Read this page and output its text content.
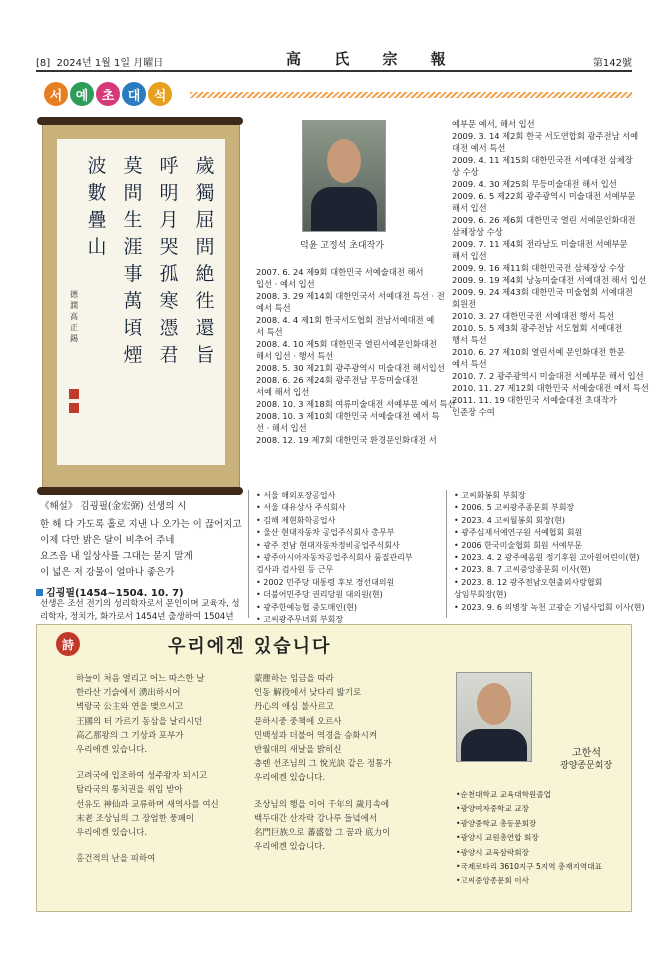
[8] 2024년 1월 1일 月曜日	高 氏 宗 報	第142號
서	예	초	대	석
歲獨屈問絶徃還旨
呼明月哭孤寒憑君
莫問生涯事萬頃煙
波數疊山
德潤 高正錫
《해설》 김굉필(金宏弼) 선생의 시
한 해 다 가도록 홀로 지낸 나 오가는 이 끊어지고
이제 다만 밝은 달이 비추어 주네
요즈음 내 일상사를 그대는 묻지 말게
이 넓은 저 강물이 얼마나 좋은가
김굉필(1454~1504. 10. 7)
선생은 조선 전기의 성리학자로서 문인이며 교육자, 성리학자, 정치가, 화가로서 1454년 출생하여 1504년
덕윤 고정석 초대작가
2007. 6. 24 제9회 대한민국 서예술대전 해서
입선 · 예서 입선
2008. 3. 29 제14회 대한민국서 서예대전 특선 · 전
예서 특선
2008. 4. 4 제1회 한국서도협회 전남서예대전 예
서 특선
2008. 4. 10 제5회 대한민국 열린서예문인화대전
해서 입선 · 행서 특선
2008. 5. 30 제21회 광주광역시 미술대전 해서입선
2008. 6. 26 제24회 광주전남 무등미술대전
서예 해서 입선
2008. 10. 3 제18회 여류미술대전 서예부문 예서 특선
2008. 10. 3 제10회 대한민국 서예술대전 예서 특
선 · 해서 입선
2008. 12. 19 제7회 대한민국 환경문인화대전 서
예부문 예서, 해서 입선
2009. 3. 14 제2회 한국 서도연합회 광주전남 서예
대전 예서 특선
2009. 4. 11 제15회 대한민국전 서예대전 삼체장
상 수상
2009. 4. 30 제25회 무등미술대전 해서 입선
2009. 6. 5 제22회 광주광역시 미술대전 서예부문
해서 입선
2009. 6. 26 제6회 대한민국 열린 서예문인화대전
삼체장상 수상
2009. 7. 11 제4회 전라남도 미술대전 서예부문
해서 입선
2009. 9. 16 제11회 대한민국전 삼체장상 수상
2009. 9. 19 제4회 낭농미술대전 서예대전 해서 입선
2009. 9. 24 제43회 대한민국 미술협회 서예대전
회원전
2010. 3. 27 대한민국전 서예대전 행서 특선
2010. 5. 5 제3회 광주전남 서도협회 서예대전
행서 특선
2010. 6. 27 제10회 열린서예 문인화대전 한문
예서 특선
2010. 7. 2 광주광역시 미술대전 서예부문 해서 입선
2010. 11. 27 제12회 대한민국 서예술대전 예서 특선
2011. 11. 19 대한민국 서예술대전 초대작가
인준장 수여
• 서울 해외포장공업사
• 서울 대유상사 주식회사
• 김해 제현화학공업사
• 울산 현대자동차 공업주식회사 총무부
• 광주 전남 현대자동차정비공업주식회사
• 광주아시아자동차공업주식회사 품질관리부
검사과 검사원 등 근무
• 2002 민주당 대통령 후보 경선대의원
• 더불어민주당 권리당원 대의원(현)
• 광주한예능협 중도매인(현)
• 고씨광주무녀회 부회장
• 고씨화봉회 부회장
• 2006. 5 고씨광주종문회 부회장
• 2023. 4 고씨월봉회 회장(현)
• 광주심재서예연구원 서예협회 회원
• 2006 한국미술협회 회원 서예부문
• 2023. 4. 2 광주예음원 정기후원 고아원어린이(현)
• 2023. 8. 7 고씨중앙종문회 이사(현)
• 2023. 8. 12 광주전남오현출외사랑협회
상임부회장(현)
• 2023. 9. 6 의병장 녹천 고광순 기념사업회 이사(현)
詩	우리에겐 있습니다
하늘이 처음 열리고 어느 따스한 날
한라산 기슭에서 湧出하시어
벽랑국 公主와 연을 맺으시고
王國의 터 가르기 동삼을 날리시던
高乙那왕의 그 기상과 포부가
우리에겐 있습니다.
고려국에 입조하여 성주왕자 되시고
탐라국의 통치권을 위임 받아
선유도 神仙과 교류하며 새역사를 여신
末老 조상님의 그 장엄한 풍패이
우리에겐 있습니다.
홍건적의 난을 피하여
蒙塵하는 임금을 따라
인동 解役에서 낮다리 밟기로
丹心의 애심 불사르고
문하시중 중책에 오르사
민백성과 더불어 역경을 승화시켜
반월대의 새날을 밝히신
충렌 선조님의 그 悅光訣 같은 정통가
우리에겐 있습니다.
조상님의 행을 이어 千年의 歲月속에
백두대간 산자락 강나루 들녘에서
名門巨族으로 蕃盛할 그 꿈과 底力이
우리에겐 있습니다.
고한석
광양종문회장
• 순천대학교 교육대학원졸업
• 광양여자중학교 교장
• 광양중학교 총동문회장
• 광양시 교원총연합 회장
• 광양시 교육삼락회장
• 국제로타리 3610지구 5지역 총재지역대표
• 고씨중앙종문회 이사
